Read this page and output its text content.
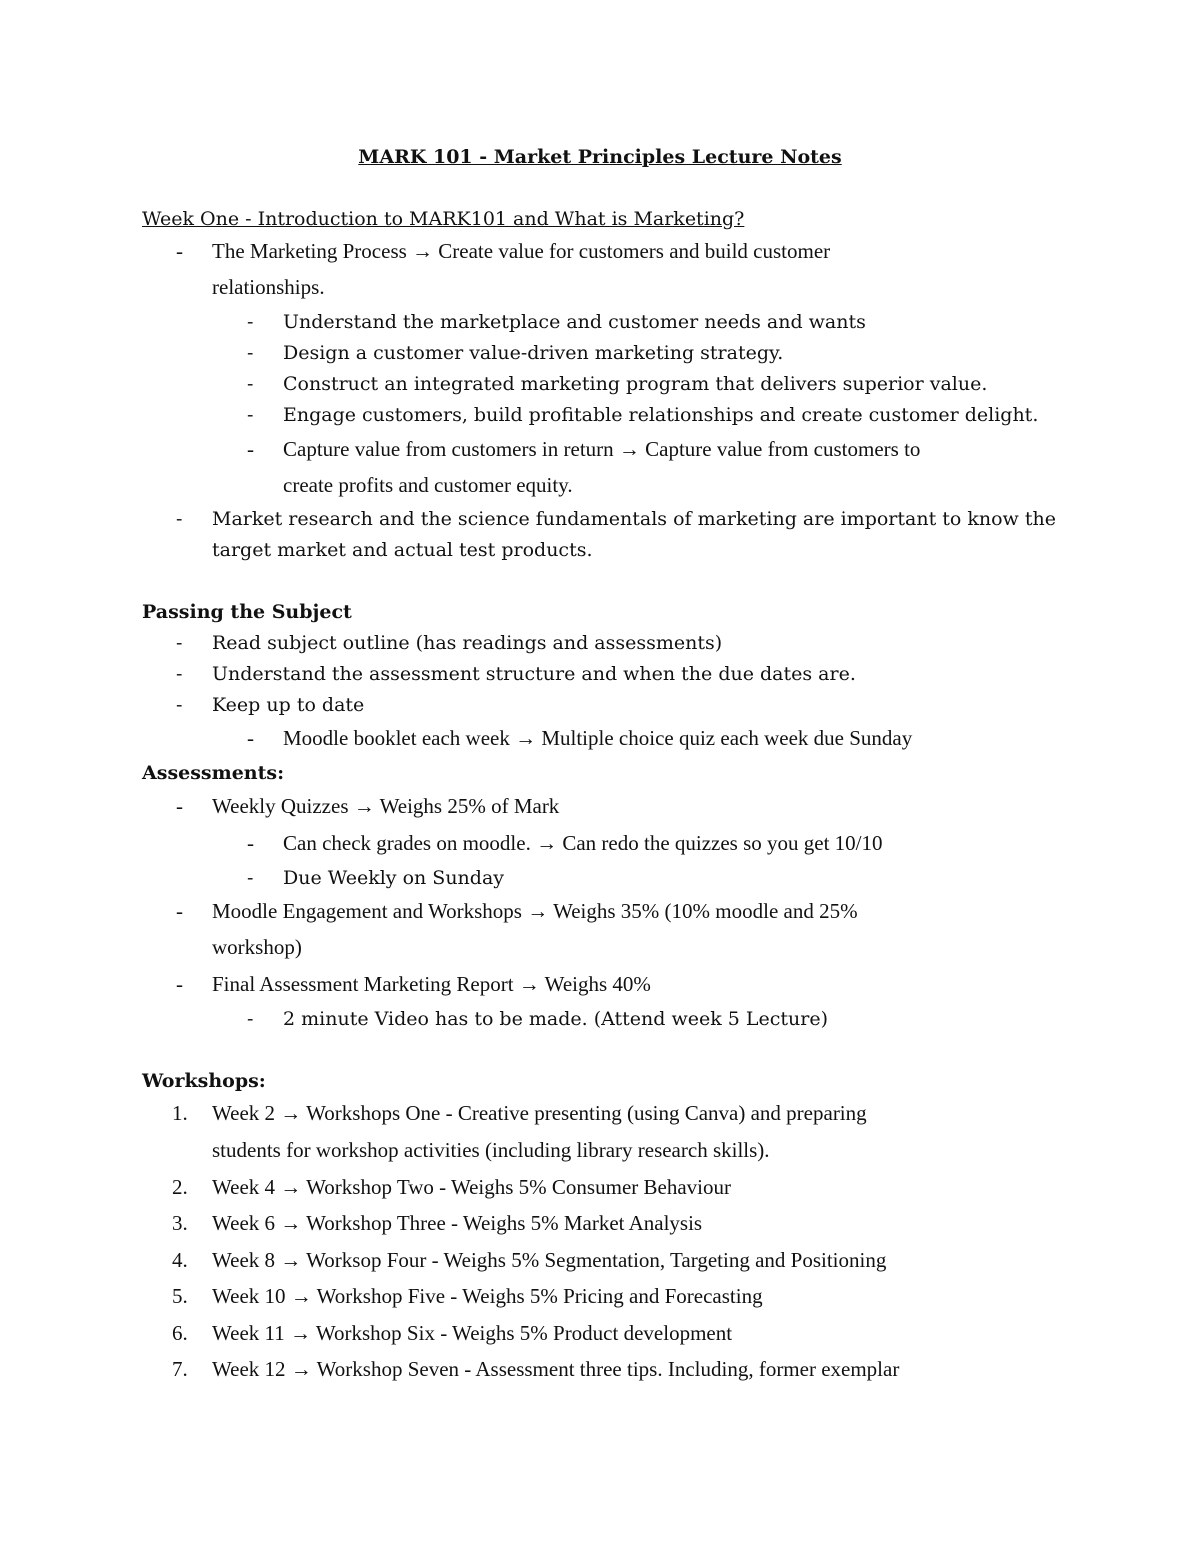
MARK 101 - Market Principles Lecture Notes
Week One - Introduction to MARK101 and What is Marketing?
- The Marketing Process → Create value for customers and build customer
relationships.
- Understand the marketplace and customer needs and wants
- Design a customer value-driven marketing strategy.
- Construct an integrated marketing program that delivers superior value.
- Engage customers, build profitable relationships and create customer delight.
- Capture value from customers in return → Capture value from customers to
create profits and customer equity.
- Market research and the science fundamentals of marketing are important to know the
target market and actual test products.
Passing the Subject
- Read subject outline (has readings and assessments)
- Understand the assessment structure and when the due dates are.
- Keep up to date
- Moodle booklet each week → Multiple choice quiz each week due Sunday
Assessments:
- Weekly Quizzes → Weighs 25% of Mark
- Can check grades on moodle. → Can redo the quizzes so you get 10/10
- Due Weekly on Sunday
- Moodle Engagement and Workshops → Weighs 35% (10% moodle and 25%
workshop)
- Final Assessment Marketing Report → Weighs 40%
- 2 minute Video has to be made. (Attend week 5 Lecture)
Workshops:
1. Week 2 → Workshops One - Creative presenting (using Canva) and preparing
students for workshop activities (including library research skills).
2. Week 4 → Workshop Two - Weighs 5% Consumer Behaviour
3. Week 6 → Workshop Three - Weighs 5% Market Analysis
4. Week 8 → Worksop Four - Weighs 5% Segmentation, Targeting and Positioning
5. Week 10 → Workshop Five - Weighs 5% Pricing and Forecasting
6. Week 11 → Workshop Six - Weighs 5% Product development
7. Week 12 → Workshop Seven - Assessment three tips. Including, former exemplar
